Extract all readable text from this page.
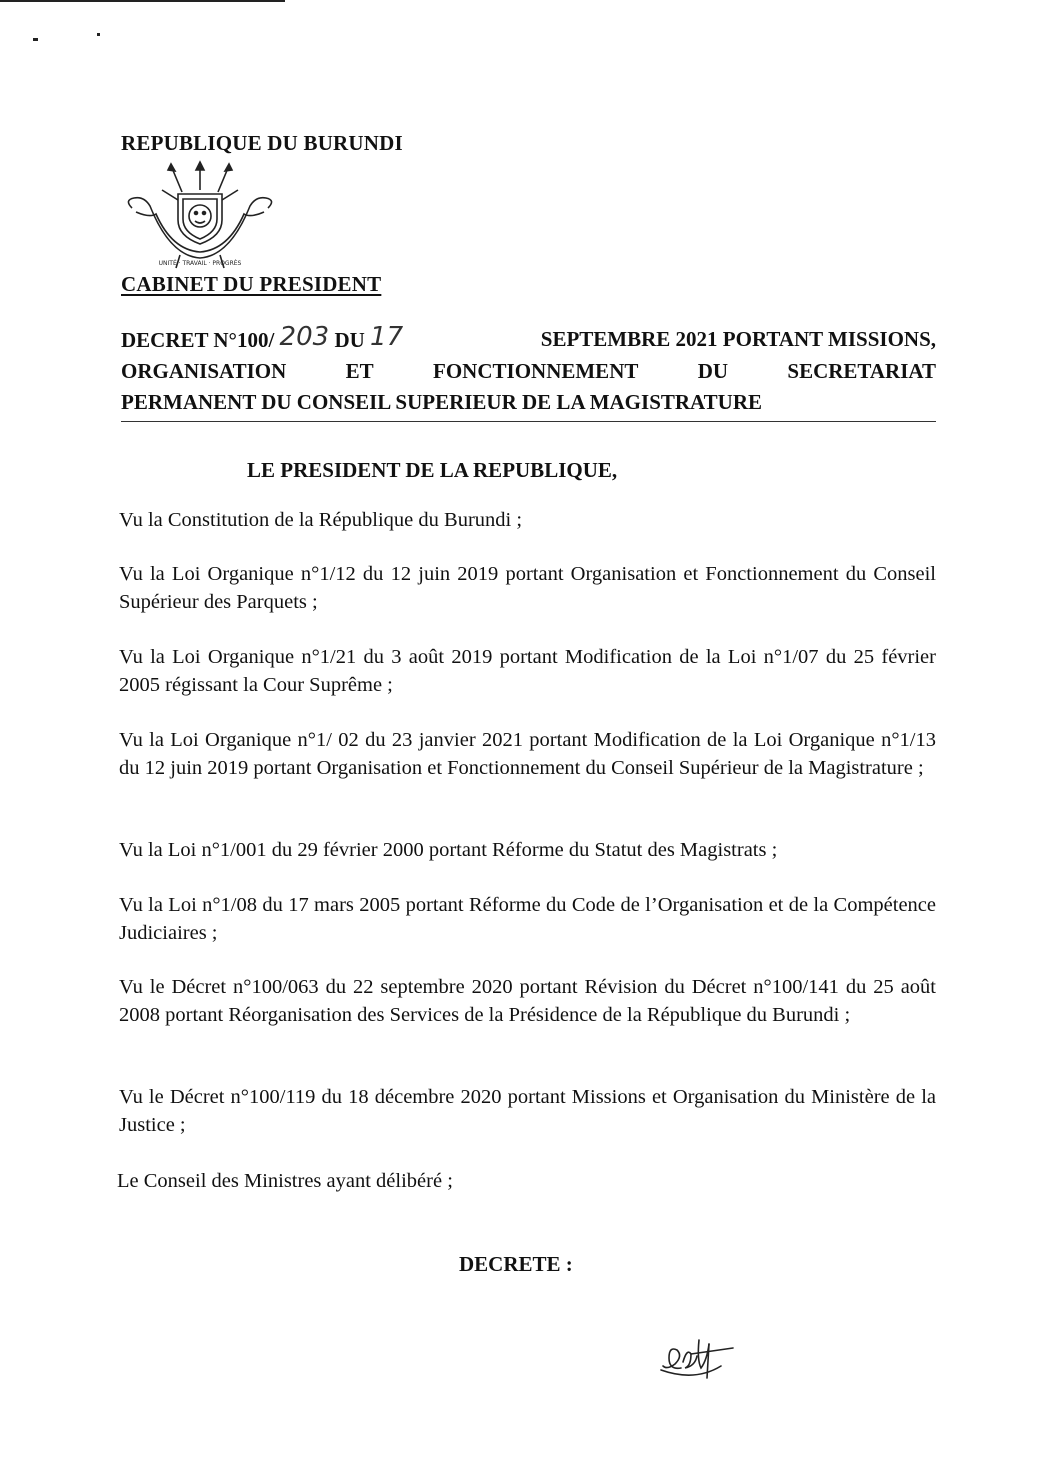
REPUBLIQUE DU BURUNDI
UNITÉ · TRAVAIL · PROGRÈS
CABINET DU PRESIDENT
DECRET N°100/ 203 DU 17	SEPTEMBRE 2021 PORTANT MISSIONS,
ORGANISATION	ET	FONCTIONNEMENT	DU	SECRETARIAT
PERMANENT DU CONSEIL SUPERIEUR DE LA MAGISTRATURE
LE PRESIDENT DE LA REPUBLIQUE,
Vu la Constitution de la République du Burundi ;
Vu la Loi Organique n°1/12 du 12 juin 2019 portant Organisation et Fonctionnement du Conseil Supérieur des Parquets ;
Vu la Loi Organique n°1/21 du 3 août 2019 portant Modification de la Loi n°1/07 du 25 février 2005 régissant la Cour Suprême ;
Vu la Loi Organique n°1/ 02 du 23 janvier 2021 portant Modification de la Loi Organique n°1/13 du 12 juin 2019 portant Organisation et Fonctionnement du Conseil Supérieur de la Magistrature ;
Vu la Loi n°1/001 du 29 février 2000 portant Réforme du Statut des Magistrats ;
Vu la Loi n°1/08 du 17 mars 2005 portant Réforme du Code de l’Organisation et de la Compétence Judiciaires ;
Vu le Décret n°100/063 du 22 septembre 2020 portant Révision du Décret n°100/141 du 25 août 2008 portant Réorganisation des Services de la Présidence de la République du Burundi ;
Vu le Décret n°100/119 du 18 décembre 2020 portant Missions et Organisation du Ministère de la Justice ;
Le Conseil des Ministres ayant délibéré ;
DECRETE :
